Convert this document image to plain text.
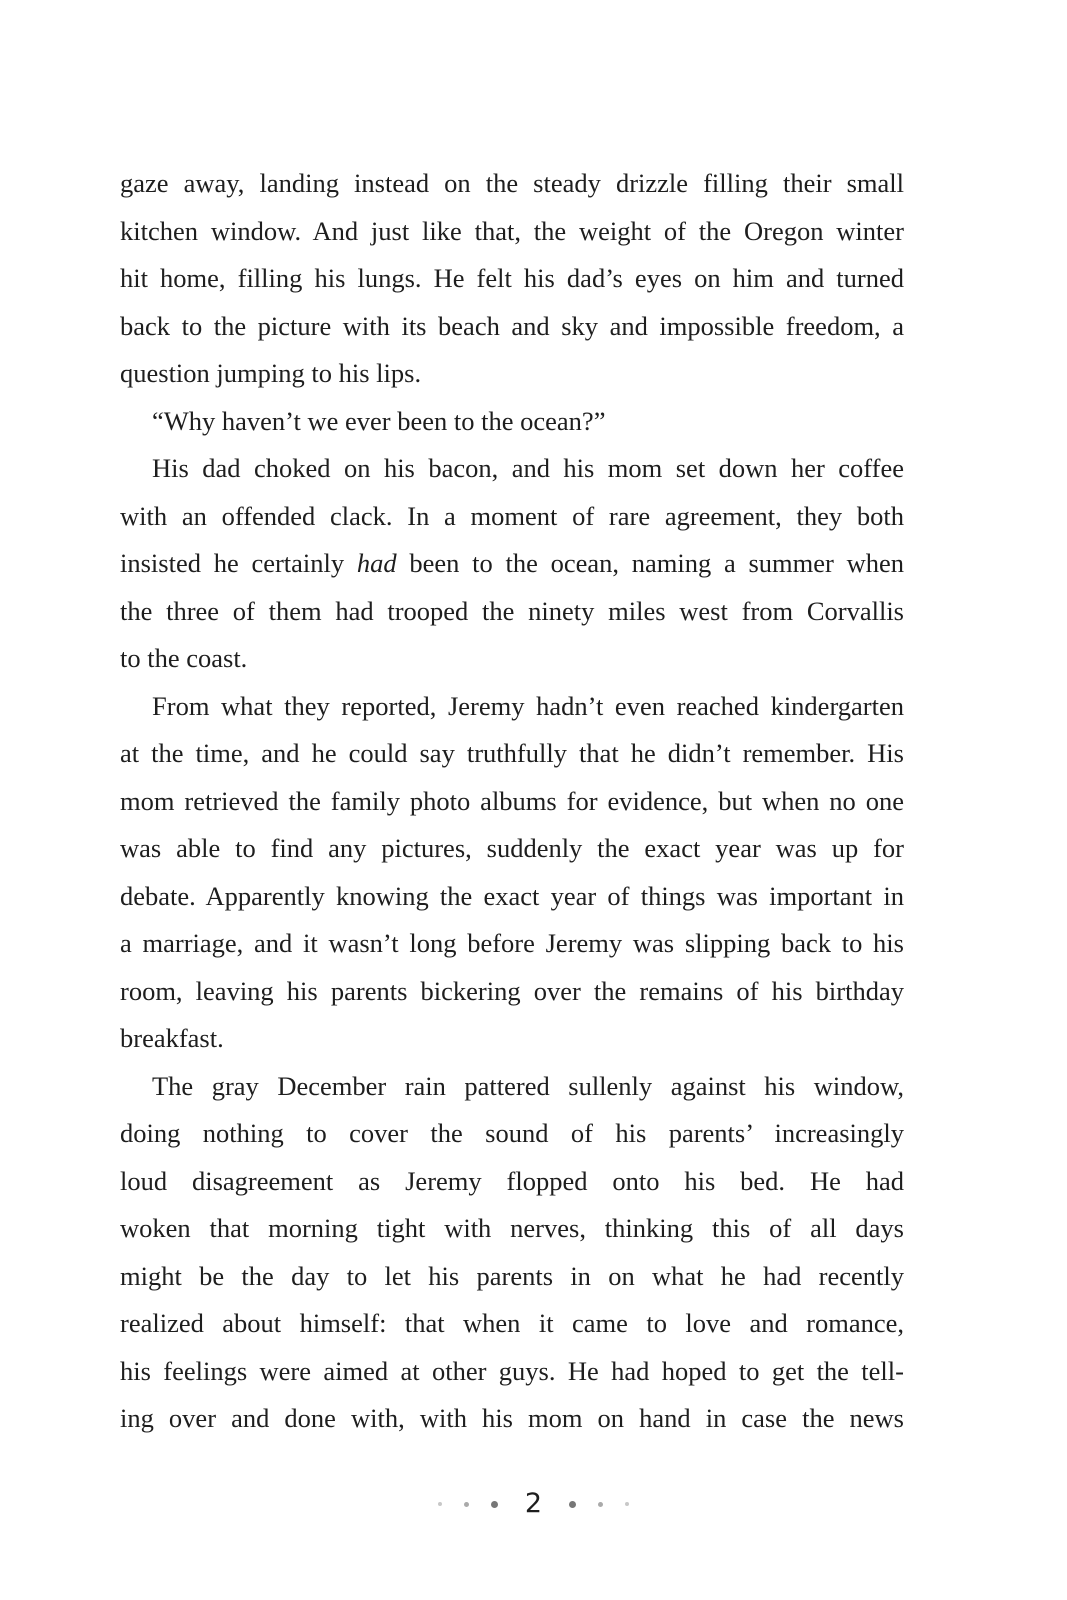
gaze away, landing instead on the steady drizzle filling their small
kitchen window. And just like that, the weight of the Oregon winter
hit home, filling his lungs. He felt his dad’s eyes on him and turned
back to the picture with its beach and sky and impossible freedom, a
question jumping to his lips.
“Why haven’t we ever been to the ocean?”
His dad choked on his bacon, and his mom set down her coffee
with an offended clack. In a moment of rare agreement, they both
insisted he certainly had been to the ocean, naming a summer when
the three of them had trooped the ninety miles west from Corvallis
to the coast.
From what they reported, Jeremy hadn’t even reached kindergarten
at the time, and he could say truthfully that he didn’t remember. His
mom retrieved the family photo albums for evidence, but when no one
was able to find any pictures, suddenly the exact year was up for
debate. Apparently knowing the exact year of things was important in
a marriage, and it wasn’t long before Jeremy was slipping back to his
room, leaving his parents bickering over the remains of his birthday
breakfast.
The gray December rain pattered sullenly against his window,
doing nothing to cover the sound of his parents’ increasingly
loud disagreement as Jeremy flopped onto his bed. He had
woken that morning tight with nerves, thinking this of all days
might be the day to let his parents in on what he had recently
realized about himself: that when it came to love and romance,
his feelings were aimed at other guys. He had hoped to get the tell-
ing over and done with, with his mom on hand in case the news
2
